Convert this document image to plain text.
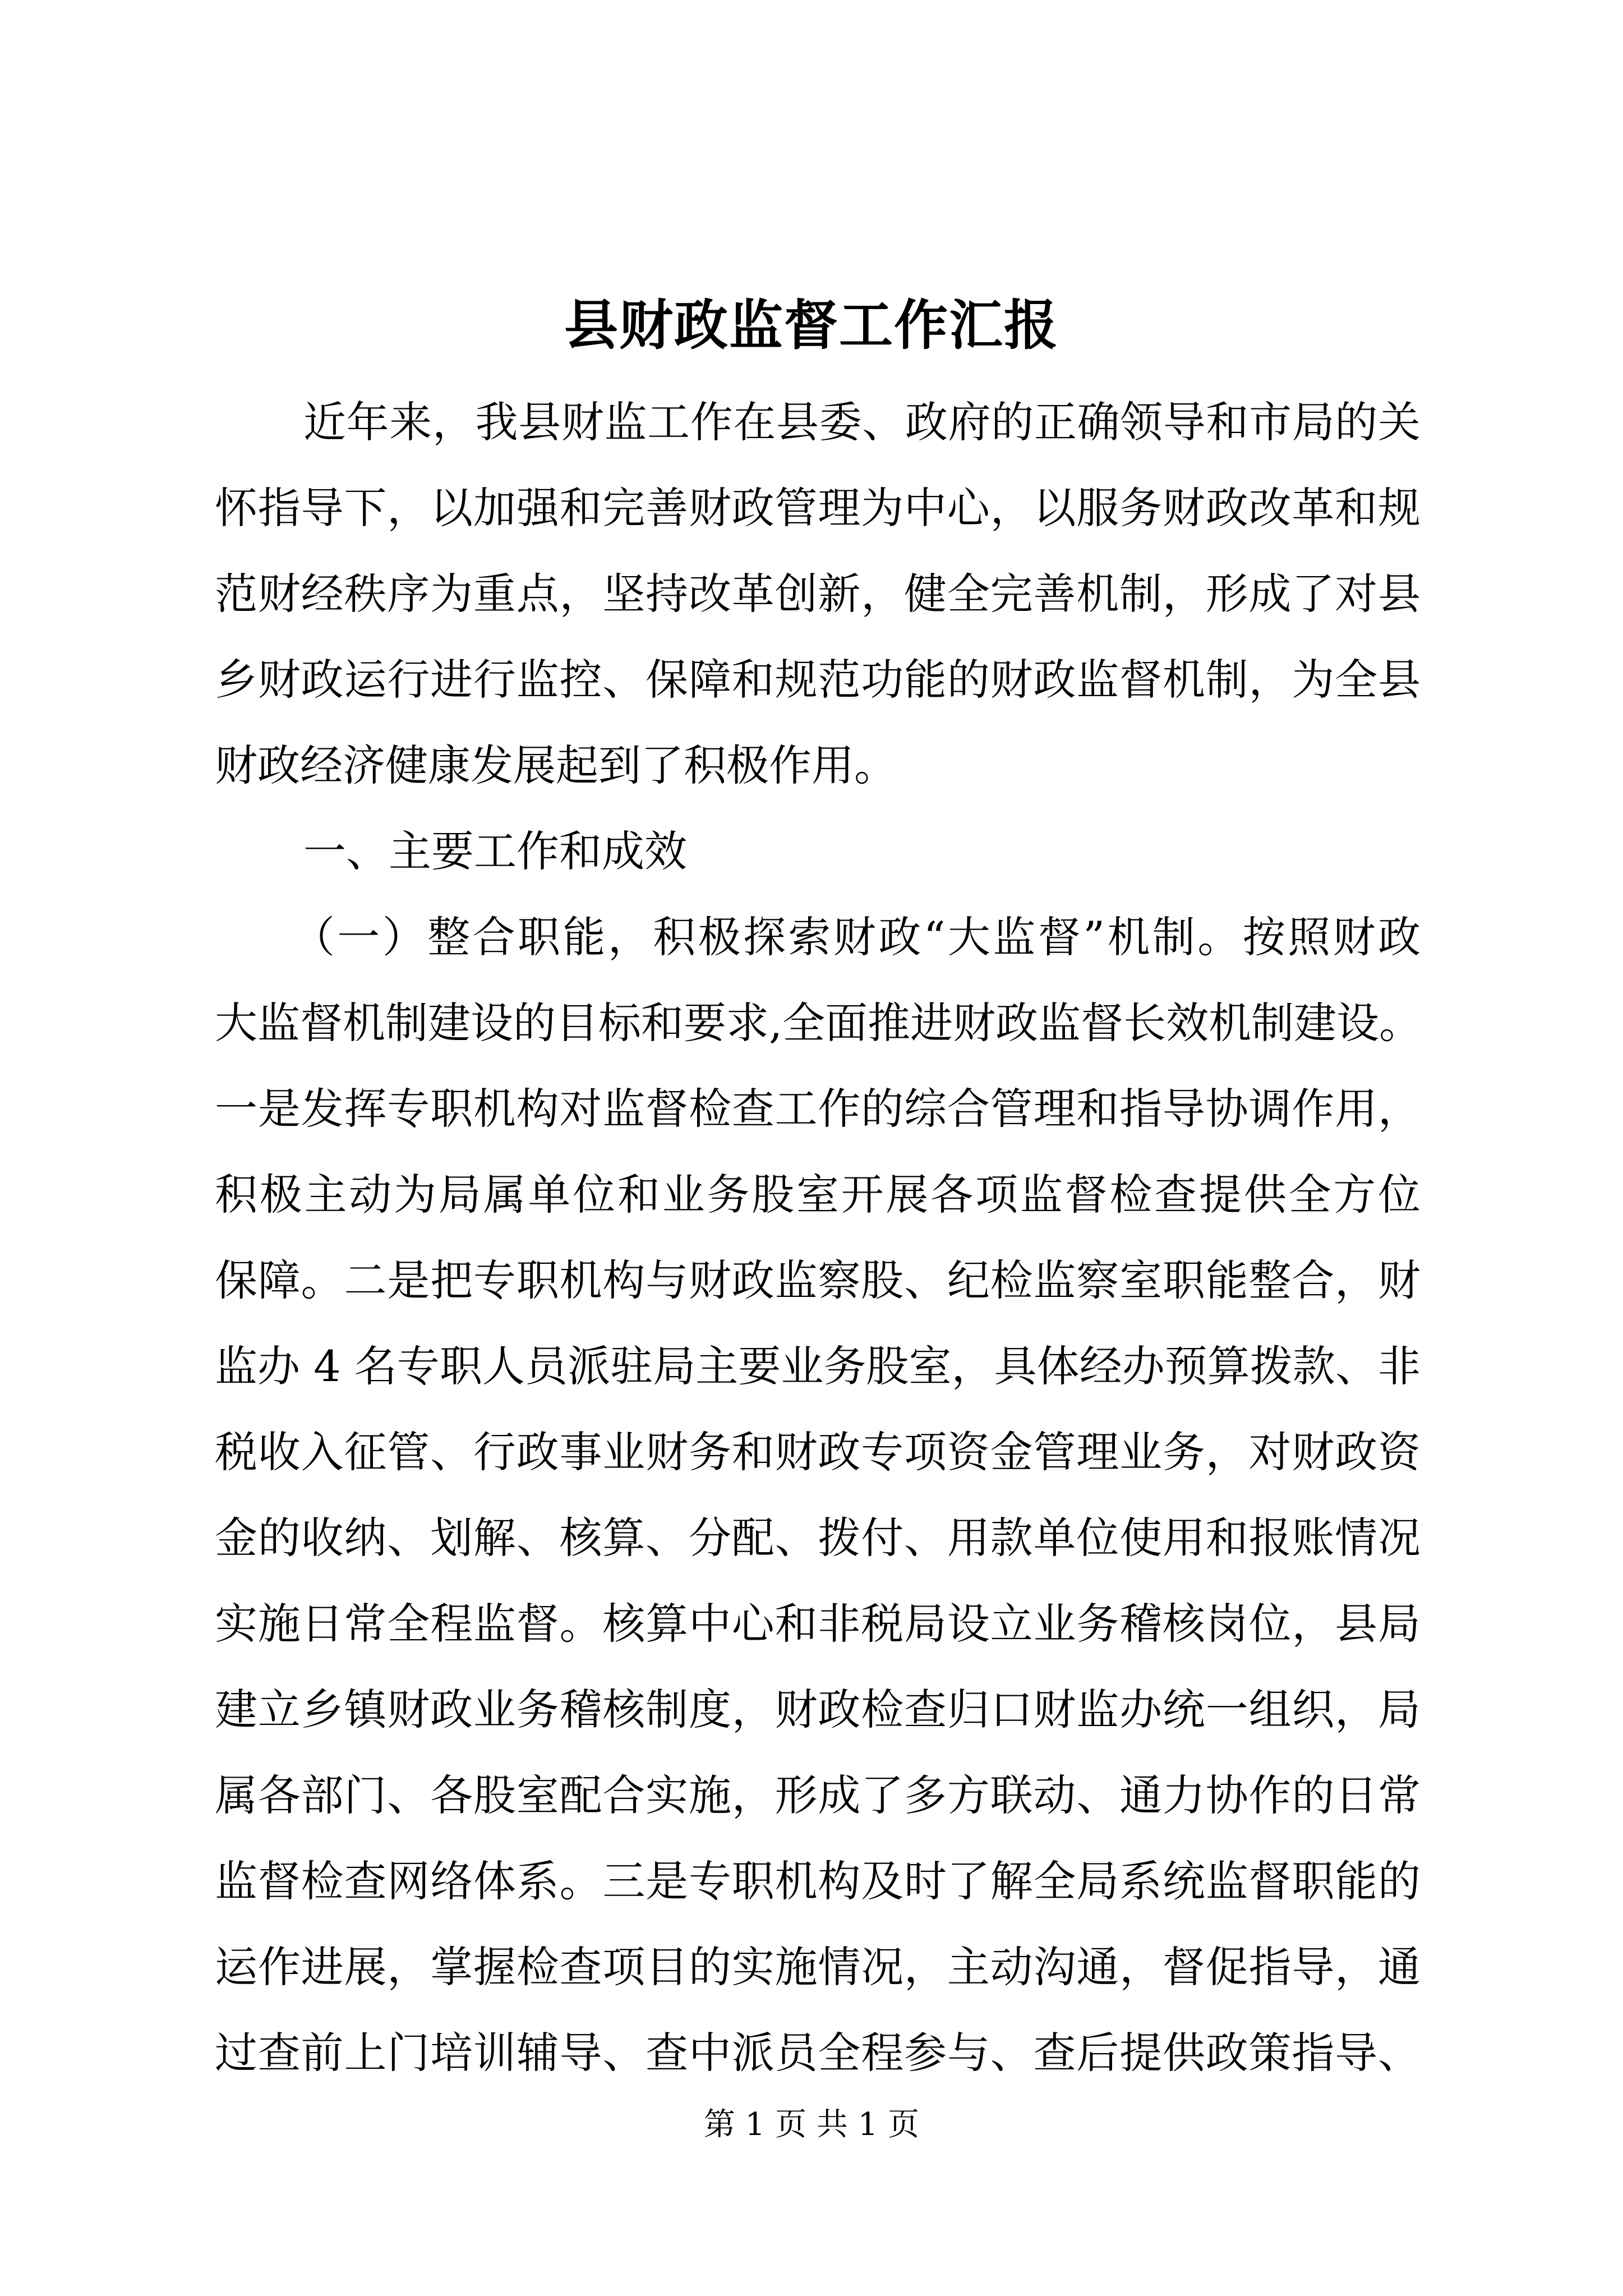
县财政监督工作汇报
近年来，我县财监工作在县委、政府的正确领导和市局的关
怀指导下，以加强和完善财政管理为中心，以服务财政改革和规
范财经秩序为重点，坚持改革创新，健全完善机制，形成了对县
乡财政运行进行监控、保障和规范功能的财政监督机制，为全县
财政经济健康发展起到了积极作用。
一、主要工作和成效
（一）整合职能，积极探索财政“大监督”机制。按照财政
大监督机制建设的目标和要求,全面推进财政监督长效机制建设。
一是发挥专职机构对监督检查工作的综合管理和指导协调作用，
积极主动为局属单位和业务股室开展各项监督检查提供全方位
保障。二是把专职机构与财政监察股、纪检监察室职能整合，财
监办 4 名专职人员派驻局主要业务股室，具体经办预算拨款、非
税收入征管、行政事业财务和财政专项资金管理业务，对财政资
金的收纳、划解、核算、分配、拨付、用款单位使用和报账情况
实施日常全程监督。核算中心和非税局设立业务稽核岗位，县局
建立乡镇财政业务稽核制度，财政检查归口财监办统一组织，局
属各部门、各股室配合实施，形成了多方联动、通力协作的日常
监督检查网络体系。三是专职机构及时了解全局系统监督职能的
运作进展，掌握检查项目的实施情况，主动沟通，督促指导，通
过查前上门培训辅导、查中派员全程参与、查后提供政策指导、
第 1 页 共 1 页
